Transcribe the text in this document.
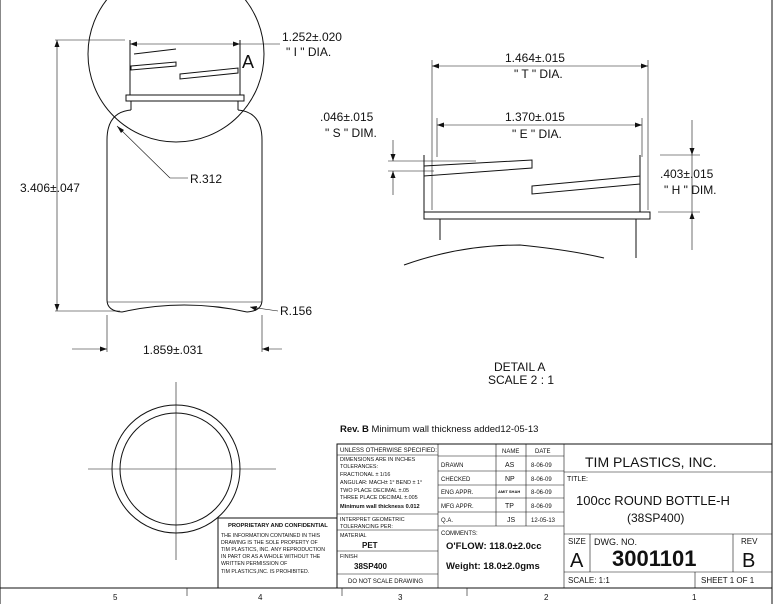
5	4	3	2	1
A
1.252±.020
" I " DIA.
3.406±.047
R.312
R.156
1.859±.031
1.464±.015
" T " DIA.
1.370±.015
" E " DIA.
.046±.015
" S " DIM.
.403±.015
" H " DIM.
DETAIL A
SCALE 2 : 1
Rev. B Minimum wall thickness added12-05-13
PROPRIETARY AND CONFIDENTIAL
THE INFORMATION CONTAINED IN THIS
DRAWING IS THE SOLE PROPERTY OF
TIM PLASTICS, INC. ANY REPRODUCTION
IN PART OR AS A WHOLE WITHOUT THE
WRITTEN PERMISSION OF
TIM PLASTICS,INC. IS PROHIBITED.
UNLESS OTHERWISE SPECIFIED:
DIMENSIONS ARE IN INCHES
TOLERANCES:
FRACTIONAL ± 1/16
ANGULAR: MACH± 1° BEND ± 1°
TWO PLACE DECIMAL ±.05
THREE PLACE DECIMAL ±.005
Minimum wall thickness 0.012
INTERPRET GEOMETRIC
TOLERANCING PER:
MATERIAL
PET
FINISH
38SP400
DO NOT SCALE DRAWING
NAME	DATE
DRAWN	AS	8-06-09
CHECKED	NP	8-06-09
ENG APPR.	AMIT SHAH 8-06-09
MFG APPR.	TP	8-06-09
Q.A.	JS	12-05-13
COMMENTS:
O'FLOW: 118.0±2.0cc
Weight: 18.0±2.0gms
TIM PLASTICS, INC.
TITLE:
100cc ROUND BOTTLE-H
(38SP400)
SIZE
A
DWG. NO.
3001101
REV
B
SCALE: 1:1	SHEET 1 OF 1
